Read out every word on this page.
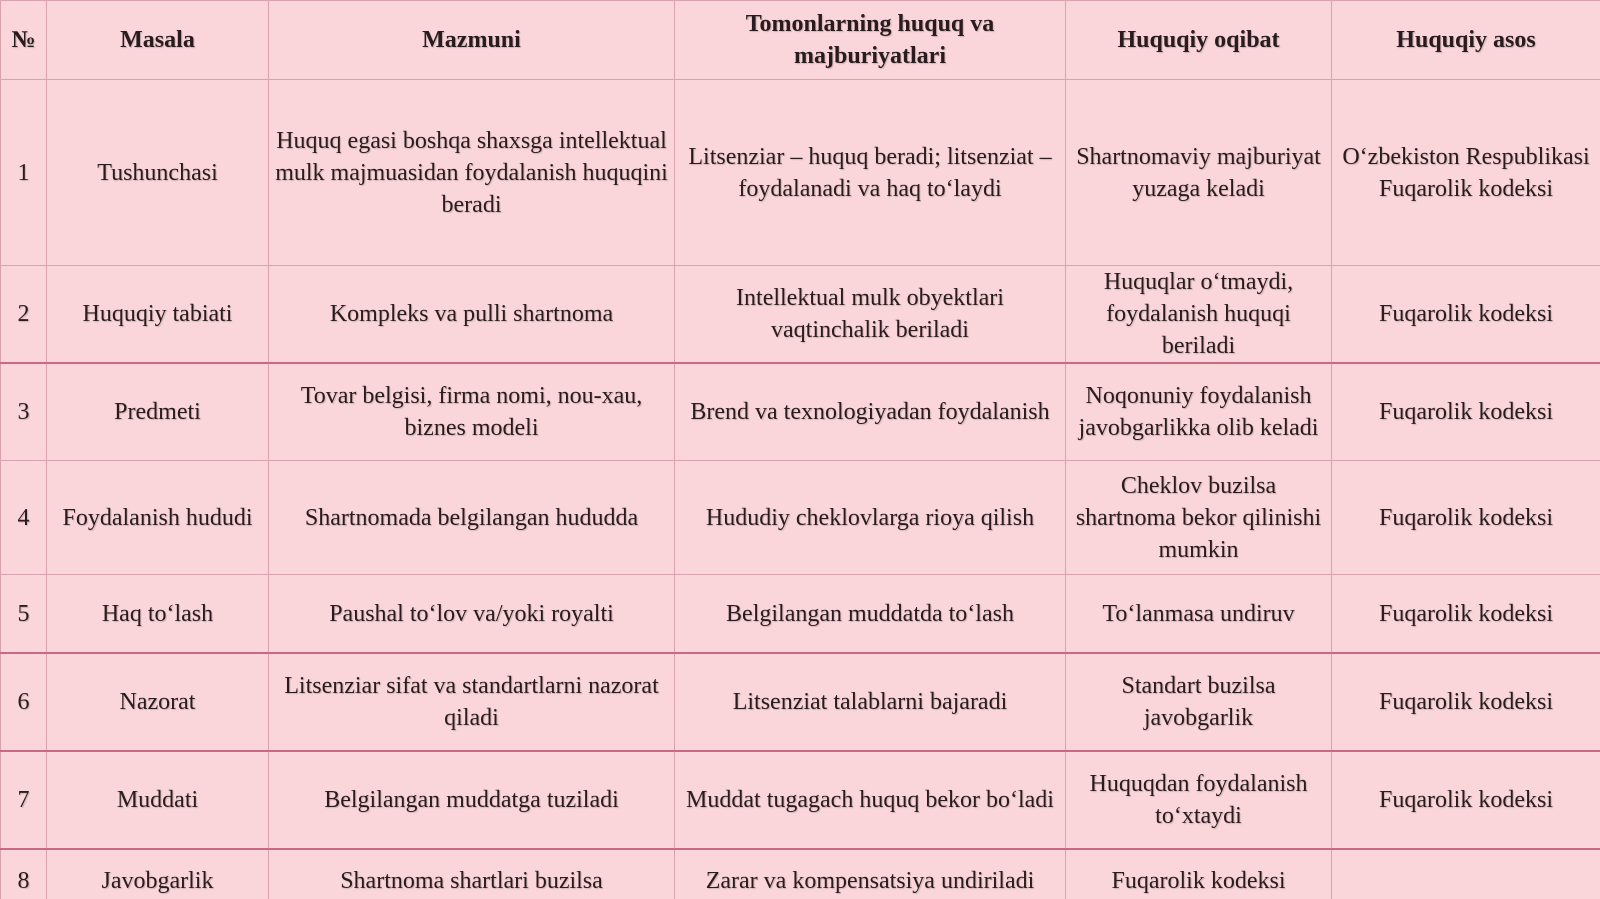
№	Masala	Mazmuni	Tomonlarning huquq va majburiyatlari	Huquqiy oqibat	Huquqiy asos
1	Tushunchasi	Huquq egasi boshqa shaxsga intellektual mulk majmuasidan foydalanish huquqini beradi	Litsenziar – huquq beradi; litsenziat – foydalanadi va haq to‘laydi	Shartnomaviy majburiyat yuzaga keladi	O‘zbekiston Respublikasi Fuqarolik kodeksi
2	Huquqiy tabiati	Kompleks va pulli shartnoma	Intellektual mulk obyektlari vaqtinchalik beriladi	Huquqlar o‘tmaydi, foydalanish huquqi beriladi	Fuqarolik kodeksi
3	Predmeti	Tovar belgisi, firma nomi, nou-xau, biznes modeli	Brend va texnologiyadan foydalanish	Noqonuniy foydalanish javobgarlikka olib keladi	Fuqarolik kodeksi
4	Foydalanish hududi	Shartnomada belgilangan hududda	Hududiy cheklovlarga rioya qilish	Cheklov buzilsa shartnoma bekor qilinishi mumkin	Fuqarolik kodeksi
5	Haq to‘lash	Paushal to‘lov va/yoki royalti	Belgilangan muddatda to‘lash	To‘lanmasa undiruv	Fuqarolik kodeksi
6	Nazorat	Litsenziar sifat va standartlarni nazorat qiladi	Litsenziat talablarni bajaradi	Standart buzilsa javobgarlik	Fuqarolik kodeksi
7	Muddati	Belgilangan muddatga tuziladi	Muddat tugagach huquq bekor bo‘ladi	Huquqdan foydalanish to‘xtaydi	Fuqarolik kodeksi
8	Javobgarlik	Shartnoma shartlari buzilsa	Zarar va kompensatsiya undiriladi	Fuqarolik kodeksi	
